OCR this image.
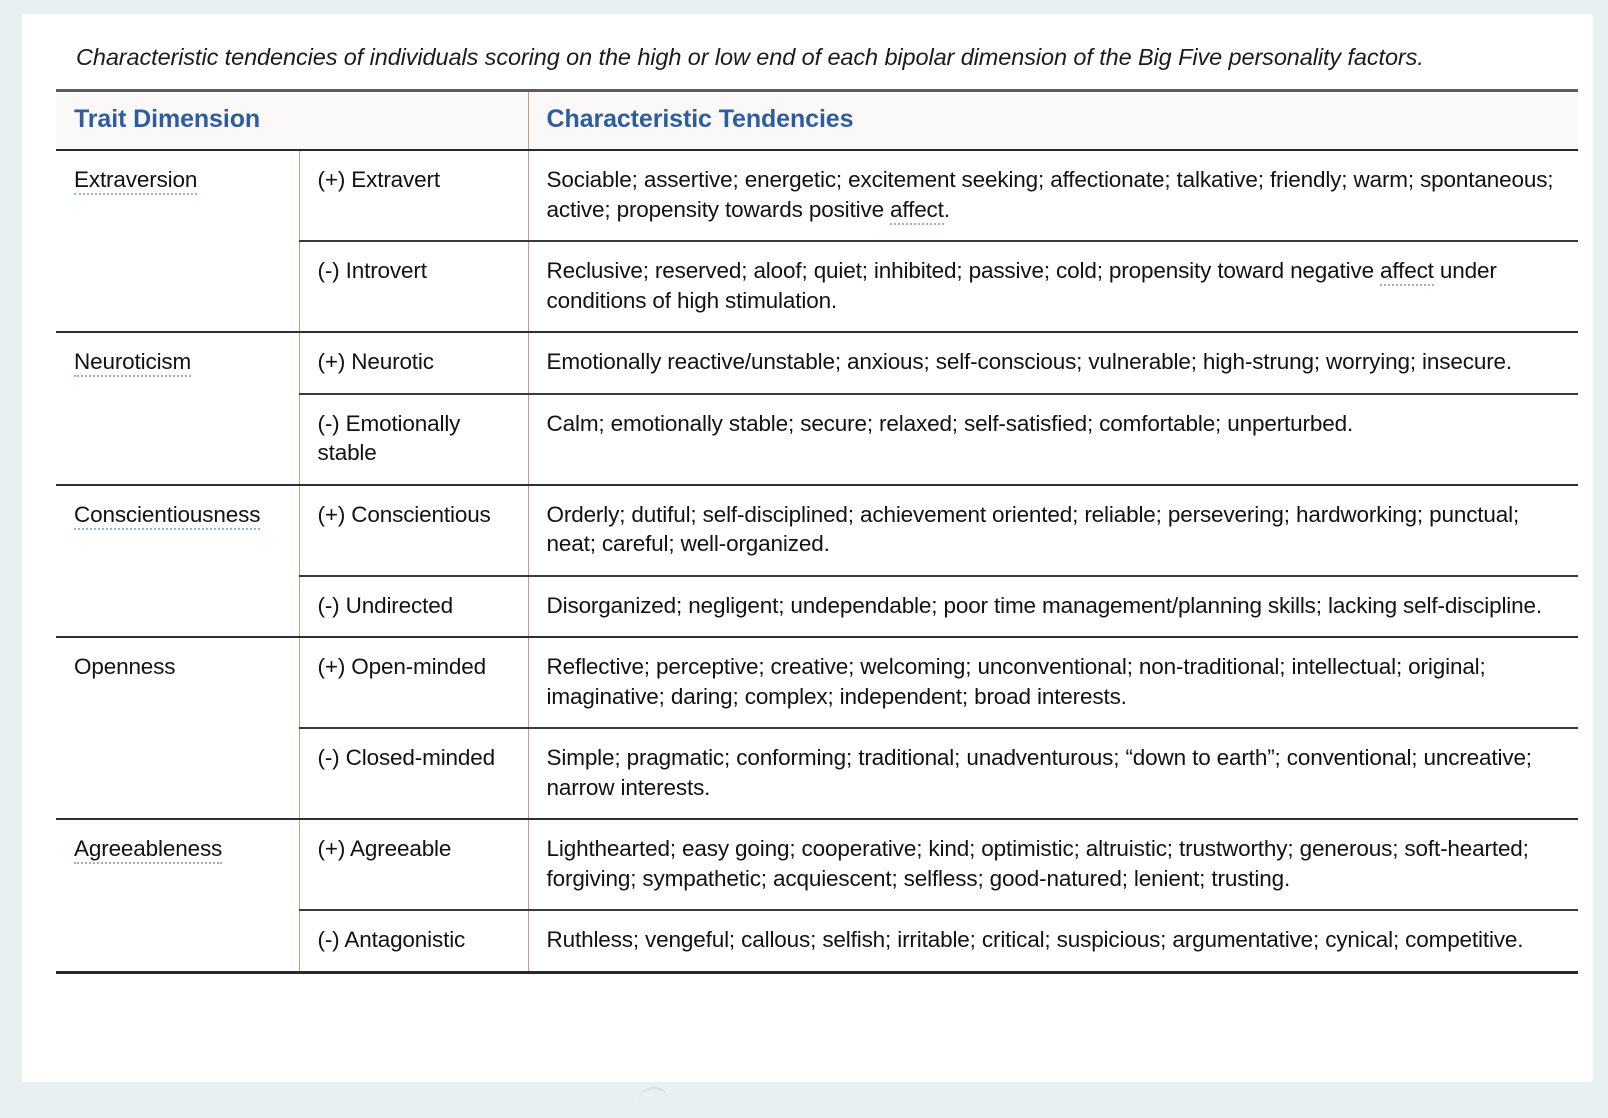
Characteristic tendencies of individuals scoring on the high or low end of each bipolar dimension of the Big Five personality factors.
Trait Dimension		Characteristic Tendencies
Extraversion	(+) Extravert	Sociable; assertive; energetic; excitement seeking; affectionate; talkative; friendly; warm; spontaneous; active; propensity towards positive affect.
	(-) Introvert	Reclusive; reserved; aloof; quiet; inhibited; passive; cold; propensity toward negative affect under conditions of high stimulation.
Neuroticism	(+) Neurotic	Emotionally reactive/unstable; anxious; self-conscious; vulnerable; high-strung; worrying; insecure.
	(-) Emotionally stable	Calm; emotionally stable; secure; relaxed; self-satisfied; comfortable; unperturbed.
Conscientiousness	(+) Conscientious	Orderly; dutiful; self-disciplined; achievement oriented; reliable; persevering; hardworking; punctual; neat; careful; well-organized.
	(-) Undirected	Disorganized; negligent; undependable; poor time management/planning skills; lacking self-discipline.
Openness	(+) Open-minded	Reflective; perceptive; creative; welcoming; unconventional; non-traditional; intellectual; original; imaginative; daring; complex; independent; broad interests.
	(-) Closed-minded	Simple; pragmatic; conforming; traditional; unadventurous; “down to earth”; conventional; uncreative; narrow interests.
Agreeableness	(+) Agreeable	Lighthearted; easy going; cooperative; kind; optimistic; altruistic; trustworthy; generous; soft-hearted; forgiving; sympathetic; acquiescent; selfless; good-natured; lenient; trusting.
	(-) Antagonistic	Ruthless; vengeful; callous; selfish; irritable; critical; suspicious; argumentative; cynical; competitive.
